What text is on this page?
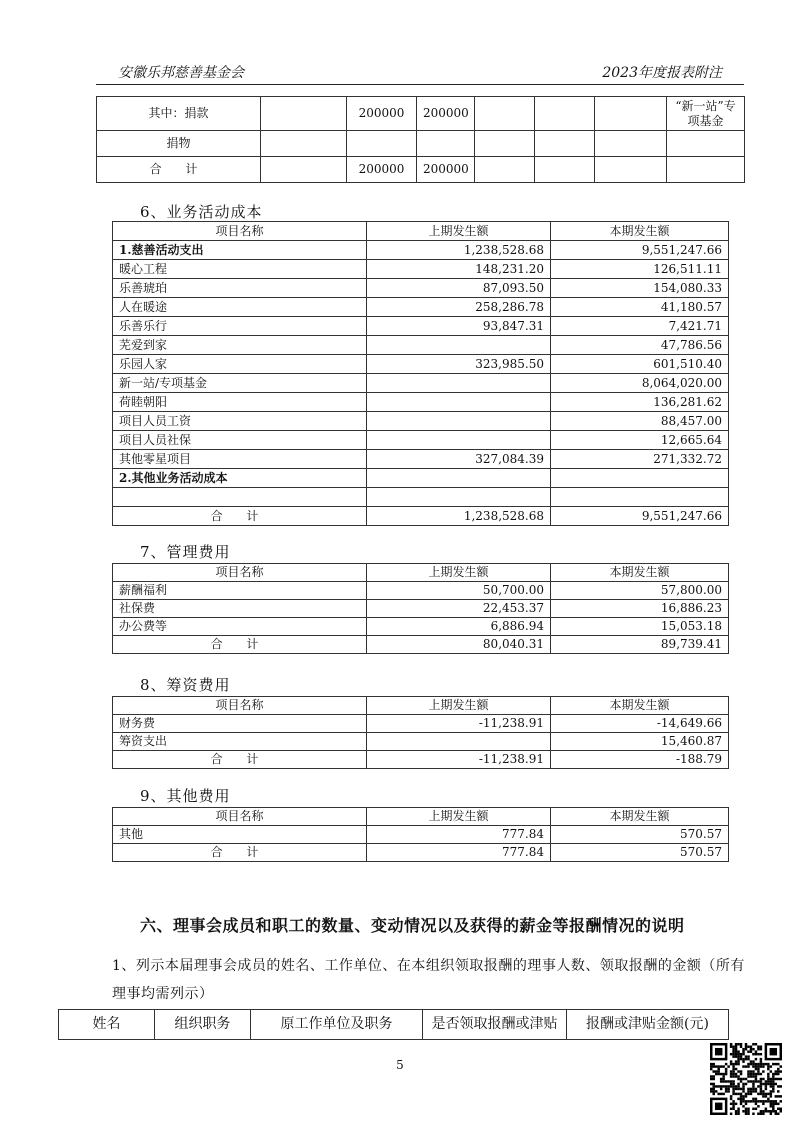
安徽乐邦慈善基金会	2023年度报表附注
其中：捐款		200000	200000				“新一站”专项基金
捐物							
合 计		200000	200000				
6、业务活动成本
项目名称	上期发生额	本期发生额
1.慈善活动支出	1,238,528.68	9,551,247.66
暖心工程	148,231.20	126,511.11
乐善琥珀	87,093.50	154,080.33
人在暖途	258,286.78	41,180.57
乐善乐行	93,847.31	7,421.71
芜爱到家		47,786.56
乐园人家	323,985.50	601,510.40
新一站/专项基金		8,064,020.00
荷睦朝阳		136,281.62
项目人员工资		88,457.00
项目人员社保		12,665.64
其他零星项目	327,084.39	271,332.72
2.其他业务活动成本		

合 计	1,238,528.68	9,551,247.66
7、管理费用
项目名称	上期发生额	本期发生额
薪酬福利	50,700.00	57,800.00
社保费	22,453.37	16,886.23
办公费等	6,886.94	15,053.18
合 计	80,040.31	89,739.41
8、筹资费用
项目名称	上期发生额	本期发生额
财务费	-11,238.91	-14,649.66
筹资支出		15,460.87
合 计	-11,238.91	-188.79
9、其他费用
项目名称	上期发生额	本期发生额
其他	777.84	570.57
合 计	777.84	570.57
六、理事会成员和职工的数量、变动情况以及获得的薪金等报酬情况的说明
1、列示本届理事会成员的姓名、工作单位、在本组织领取报酬的理事人数、领取报酬的金额（所有
理事均需列示）
姓名	组织职务	原工作单位及职务	是否领取报酬或津贴	报酬或津贴金额(元)
5
